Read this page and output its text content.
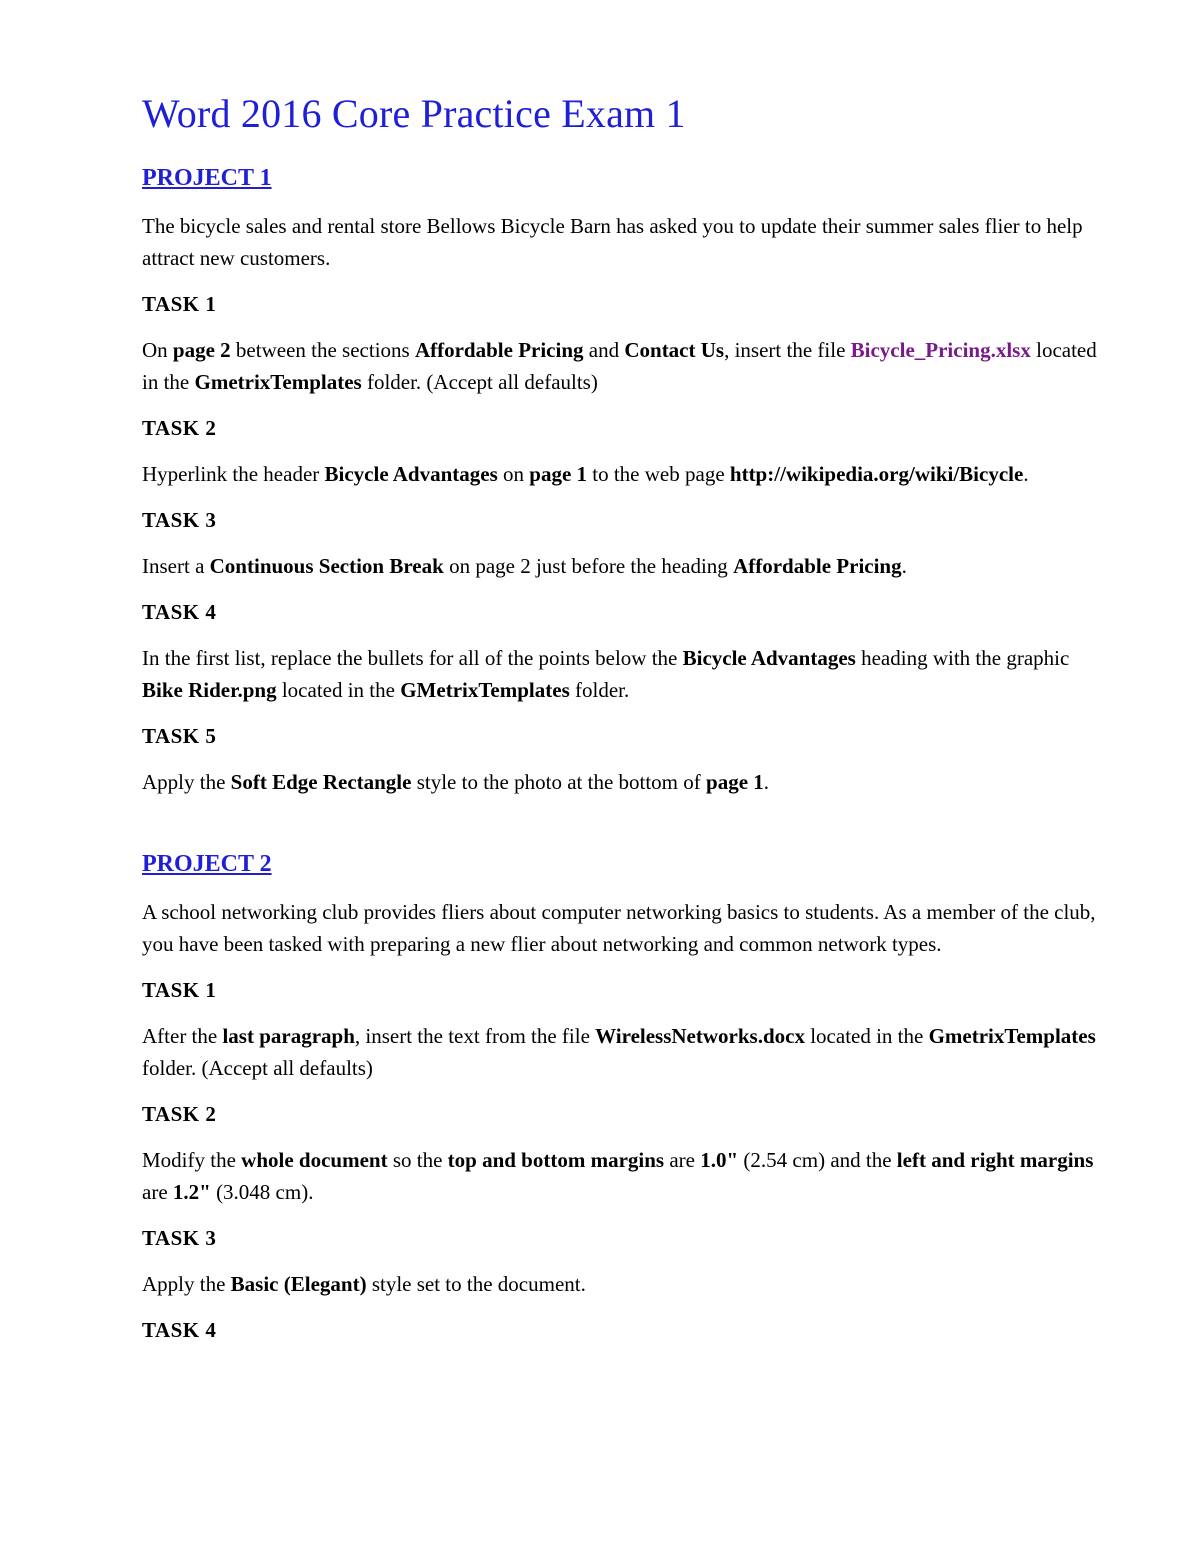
Word 2016 Core Practice Exam 1
PROJECT 1

The bicycle sales and rental store Bellows Bicycle Barn has asked you to update their summer sales flier to help attract new customers.

TASK 1

On page 2 between the sections Affordable Pricing and Contact Us, insert the file Bicycle_Pricing.xlsx located in the GmetrixTemplates folder. (Accept all defaults)

TASK 2

Hyperlink the header Bicycle Advantages on page 1 to the web page http://wikipedia.org/wiki/Bicycle.

TASK 3

Insert a Continuous Section Break on page 2 just before the heading Affordable Pricing.

TASK 4

In the first list, replace the bullets for all of the points below the Bicycle Advantages heading with the graphic Bike Rider.png located in the GMetrixTemplates folder.

TASK 5

Apply the Soft Edge Rectangle style to the photo at the bottom of page 1.

PROJECT 2

A school networking club provides fliers about computer networking basics to students. As a member of the club, you have been tasked with preparing a new flier about networking and common network types.

TASK 1

After the last paragraph, insert the text from the file WirelessNetworks.docx located in the GmetrixTemplates folder. (Accept all defaults)

TASK 2

Modify the whole document so the top and bottom margins are 1.0" (2.54 cm) and the left and right margins are 1.2" (3.048 cm).

TASK 3

Apply the Basic (Elegant) style set to the document.

TASK 4
